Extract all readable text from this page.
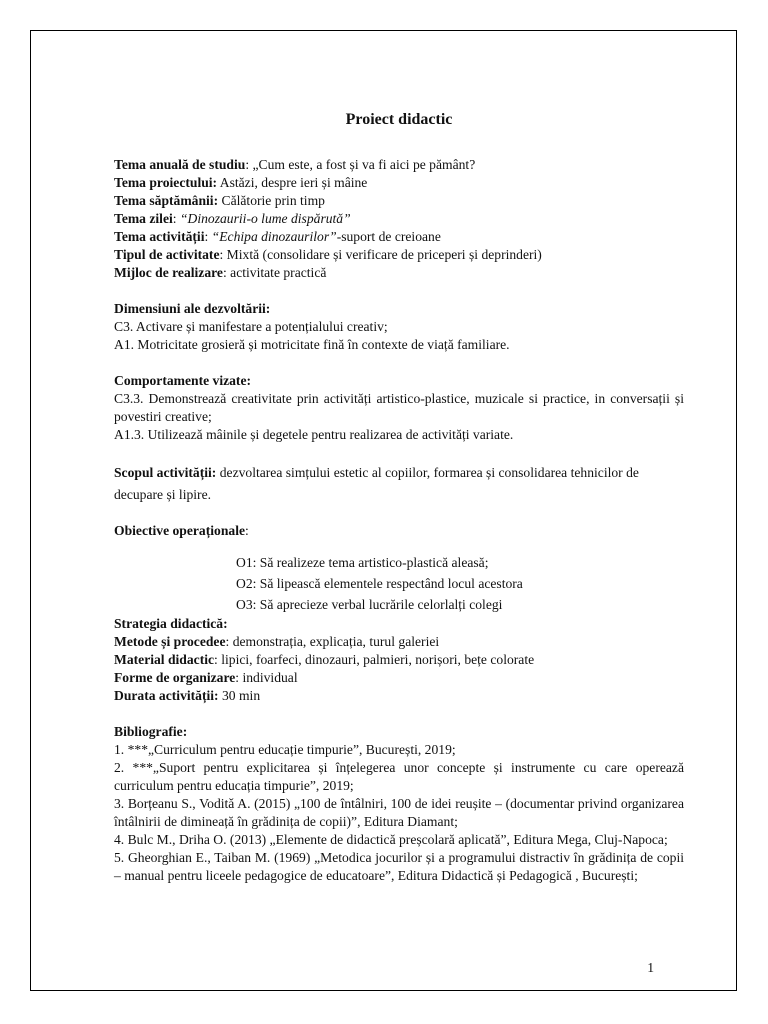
Proiect didactic

Tema anuală de studiu: „Cum este, a fost și va fi aici pe pământ?

Tema proiectului: Astăzi, despre ieri și mâine

Tema săptămânii: Călătorie prin timp

Tema zilei: “Dinozaurii-o lume dispărută”

Tema activității: “Echipa dinozaurilor”-suport de creioane

Tipul de activitate: Mixtă (consolidare și verificare de priceperi și deprinderi)

Mijloc de realizare: activitate practică

Dimensiuni ale dezvoltării:

C3. Activare și manifestare a potențialului creativ;

A1. Motricitate grosieră și motricitate fină în contexte de viață familiare.

Comportamente vizate:

C3.3. Demonstrează creativitate prin activități artistico-plastice, muzicale si practice, in conversații și povestiri creative;

A1.3. Utilizează mâinile și degetele pentru realizarea de activități variate.

Scopul activității: dezvoltarea simțului estetic al copiilor, formarea și consolidarea tehnicilor de decupare și lipire.

Obiective operaționale:

O1: Să realizeze tema artistico-plastică aleasă;

O2: Să lipească elementele respectând locul acestora

O3: Să aprecieze verbal lucrările celorlalți colegi

Strategia didactică:

Metode și procedee: demonstrația, explicația, turul galeriei

Material didactic: lipici, foarfeci, dinozauri, palmieri, norișori, bețe colorate

Forme de organizare: individual

Durata activității: 30 min

Bibliografie:

1. ***„Curriculum pentru educație timpurie”, București, 2019;

2. ***„Suport pentru explicitarea și înțelegerea unor concepte și instrumente cu care operează curriculum pentru educația timpurie”, 2019;

3. Borțeanu S., Voditǎ A. (2015) „100 de întâlniri, 100 de idei reușite – (documentar privind organizarea întâlnirii de dimineață în grădinița de copii)”, Editura Diamant;

4. Bulc M., Driha O. (2013) „Elemente de didactică preșcolară aplicată”, Editura Mega, Cluj-Napoca;

5. Gheorghian E., Taiban M. (1969) „Metodica jocurilor și a programului distractiv în grădinița de copii – manual pentru liceele pedagogice de educatoare”, Editura Didactică și Pedagogică , București;

1
